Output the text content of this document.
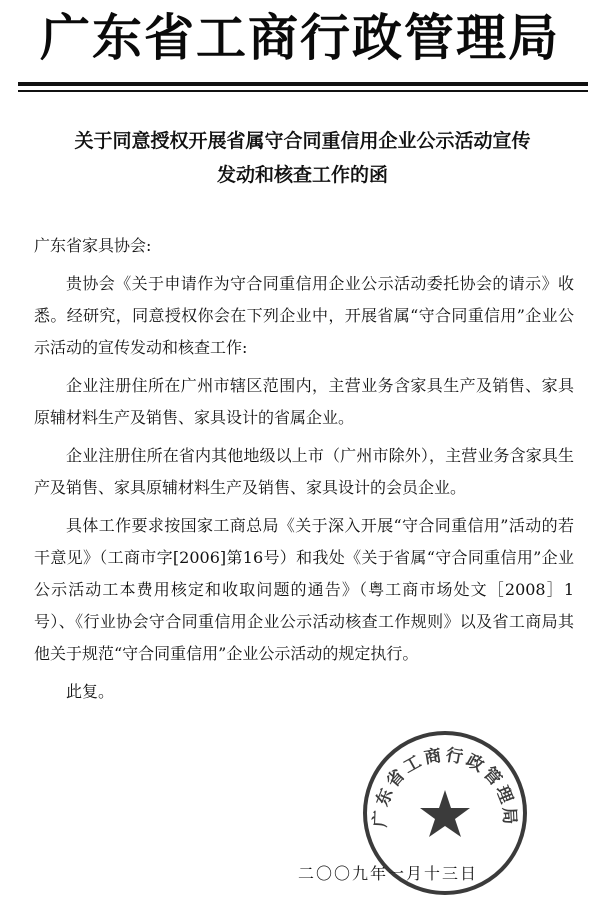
广东省工商行政管理局
关于同意授权开展省属守合同重信用企业公示活动宣传
发动和核查工作的函

广东省家具协会:

贵协会《关于申请作为守合同重信用企业公示活动委托协会的请示》收悉。经研究，同意授权你会在下列企业中，开展省属“守合同重信用”企业公示活动的宣传发动和核查工作:

企业注册住所在广州市辖区范围内，主营业务含家具生产及销售、家具原辅材料生产及销售、家具设计的省属企业。

企业注册住所在省内其他地级以上市（广州市除外），主营业务含家具生产及销售、家具原辅材料生产及销售、家具设计的会员企业。

具体工作要求按国家工商总局《关于深入开展“守合同重信用”活动的若干意见》（工商市字[2006]第16号）和我处《关于省属“守合同重信用”企业公示活动工本费用核定和收取问题的通告》（粤工商市场处文［2008］1号）、《行业协会守合同重信用企业公示活动核查工作规则》以及省工商局其他关于规范“守合同重信用”企业公示活动的规定执行。

此复。

二〇〇九年一月十三日
广东省工商行政管理局
